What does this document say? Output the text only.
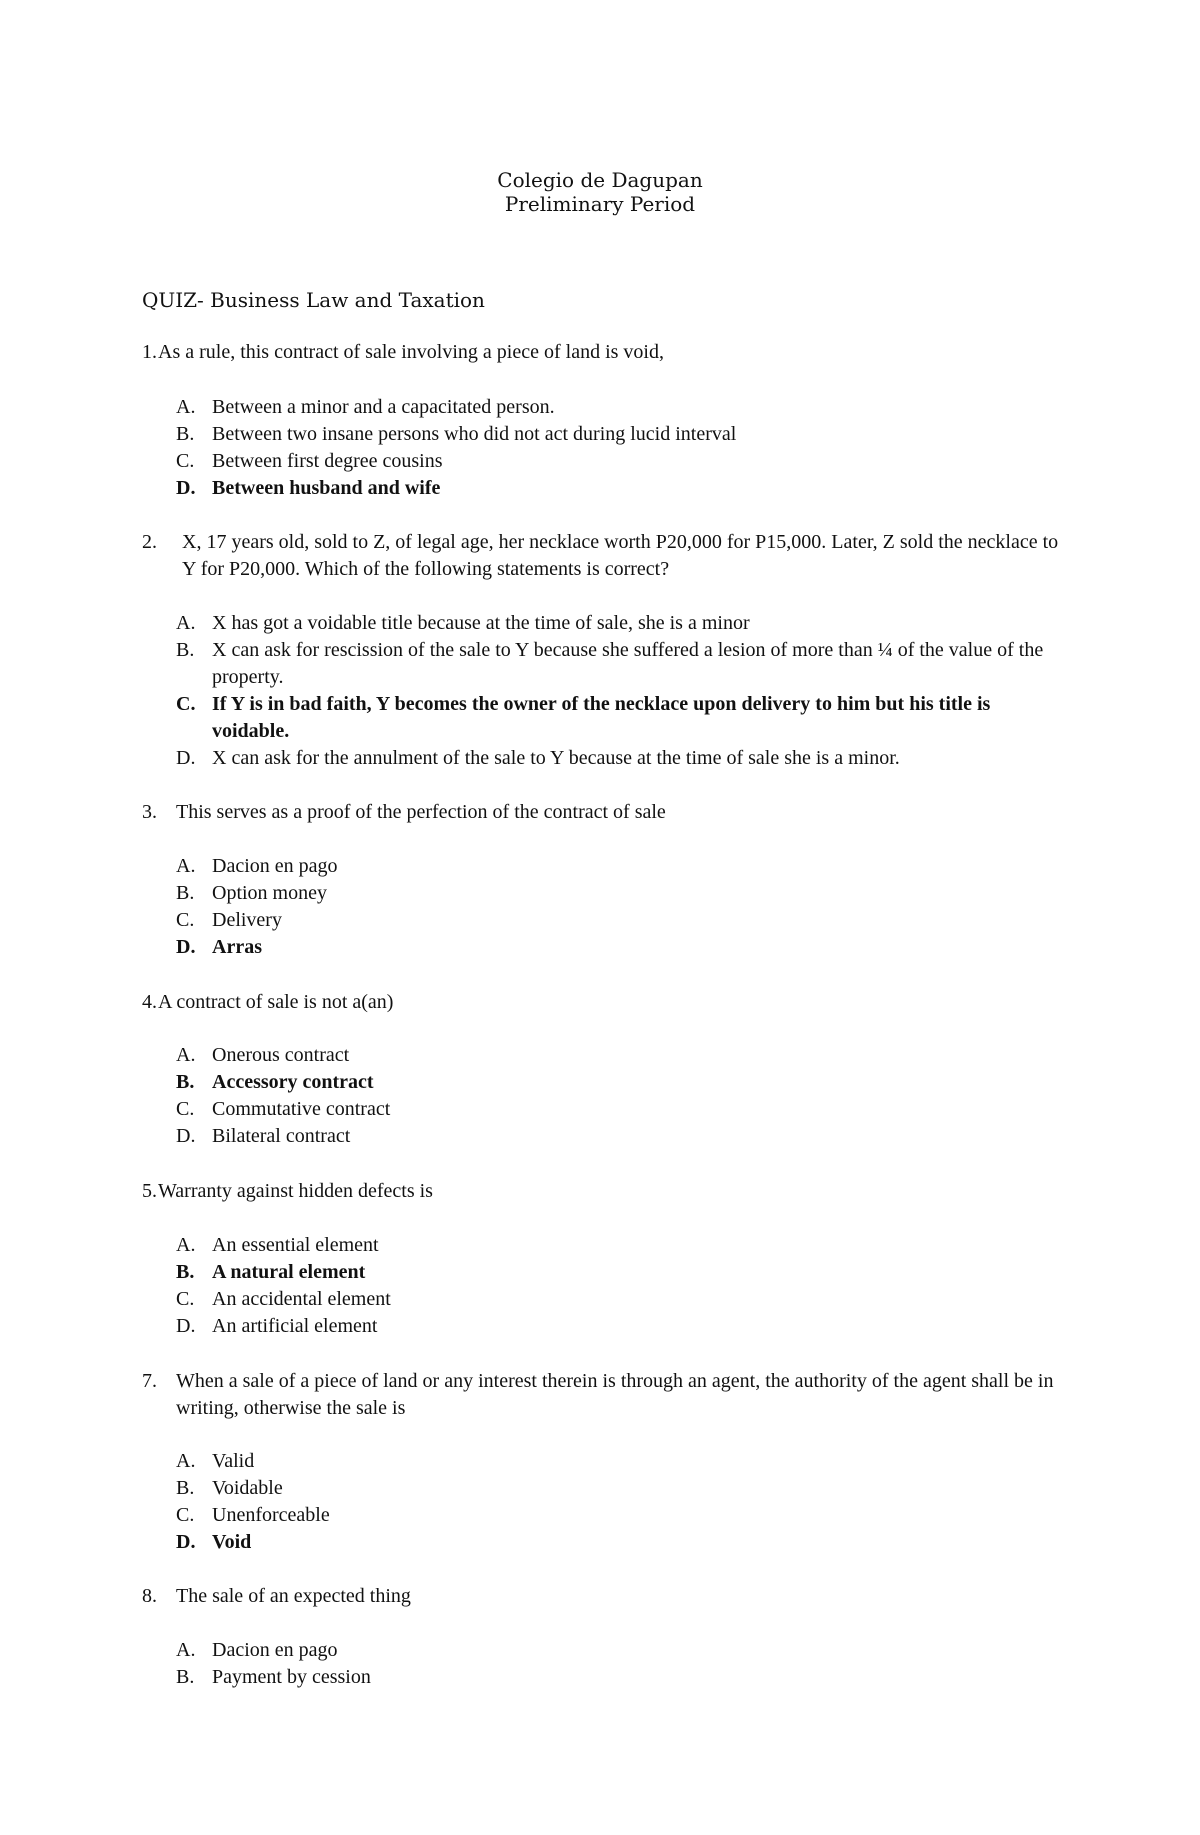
Colegio de Dagupan
Preliminary Period
QUIZ- Business Law and Taxation
1. As a rule, this contract of sale involving a piece of land is void,
A. Between a minor and a capacitated person.
B. Between two insane persons who did not act during lucid interval
C. Between first degree cousins
D. Between husband and wife
2. X, 17 years old, sold to Z, of legal age, her necklace worth P20,000 for P15,000. Later, Z sold the necklace to Y for P20,000. Which of the following statements is correct?
A. X has got a voidable title because at the time of sale, she is a minor
B. X can ask for rescission of the sale to Y because she suffered a lesion of more than ¼ of the value of the property.
C. If Y is in bad faith, Y becomes the owner of the necklace upon delivery to him but his title is voidable.
D. X can ask for the annulment of the sale to Y because at the time of sale she is a minor.
3. This serves as a proof of the perfection of the contract of sale
A. Dacion en pago
B. Option money
C. Delivery
D. Arras
4. A contract of sale is not a(an)
A. Onerous contract
B. Accessory contract
C. Commutative contract
D. Bilateral contract
5. Warranty against hidden defects is
A. An essential element
B. A natural element
C. An accidental element
D. An artificial element
7. When a sale of a piece of land or any interest therein is through an agent, the authority of the agent shall be in writing, otherwise the sale is
A. Valid
B. Voidable
C. Unenforceable
D. Void
8. The sale of an expected thing
A. Dacion en pago
B. Payment by cession
